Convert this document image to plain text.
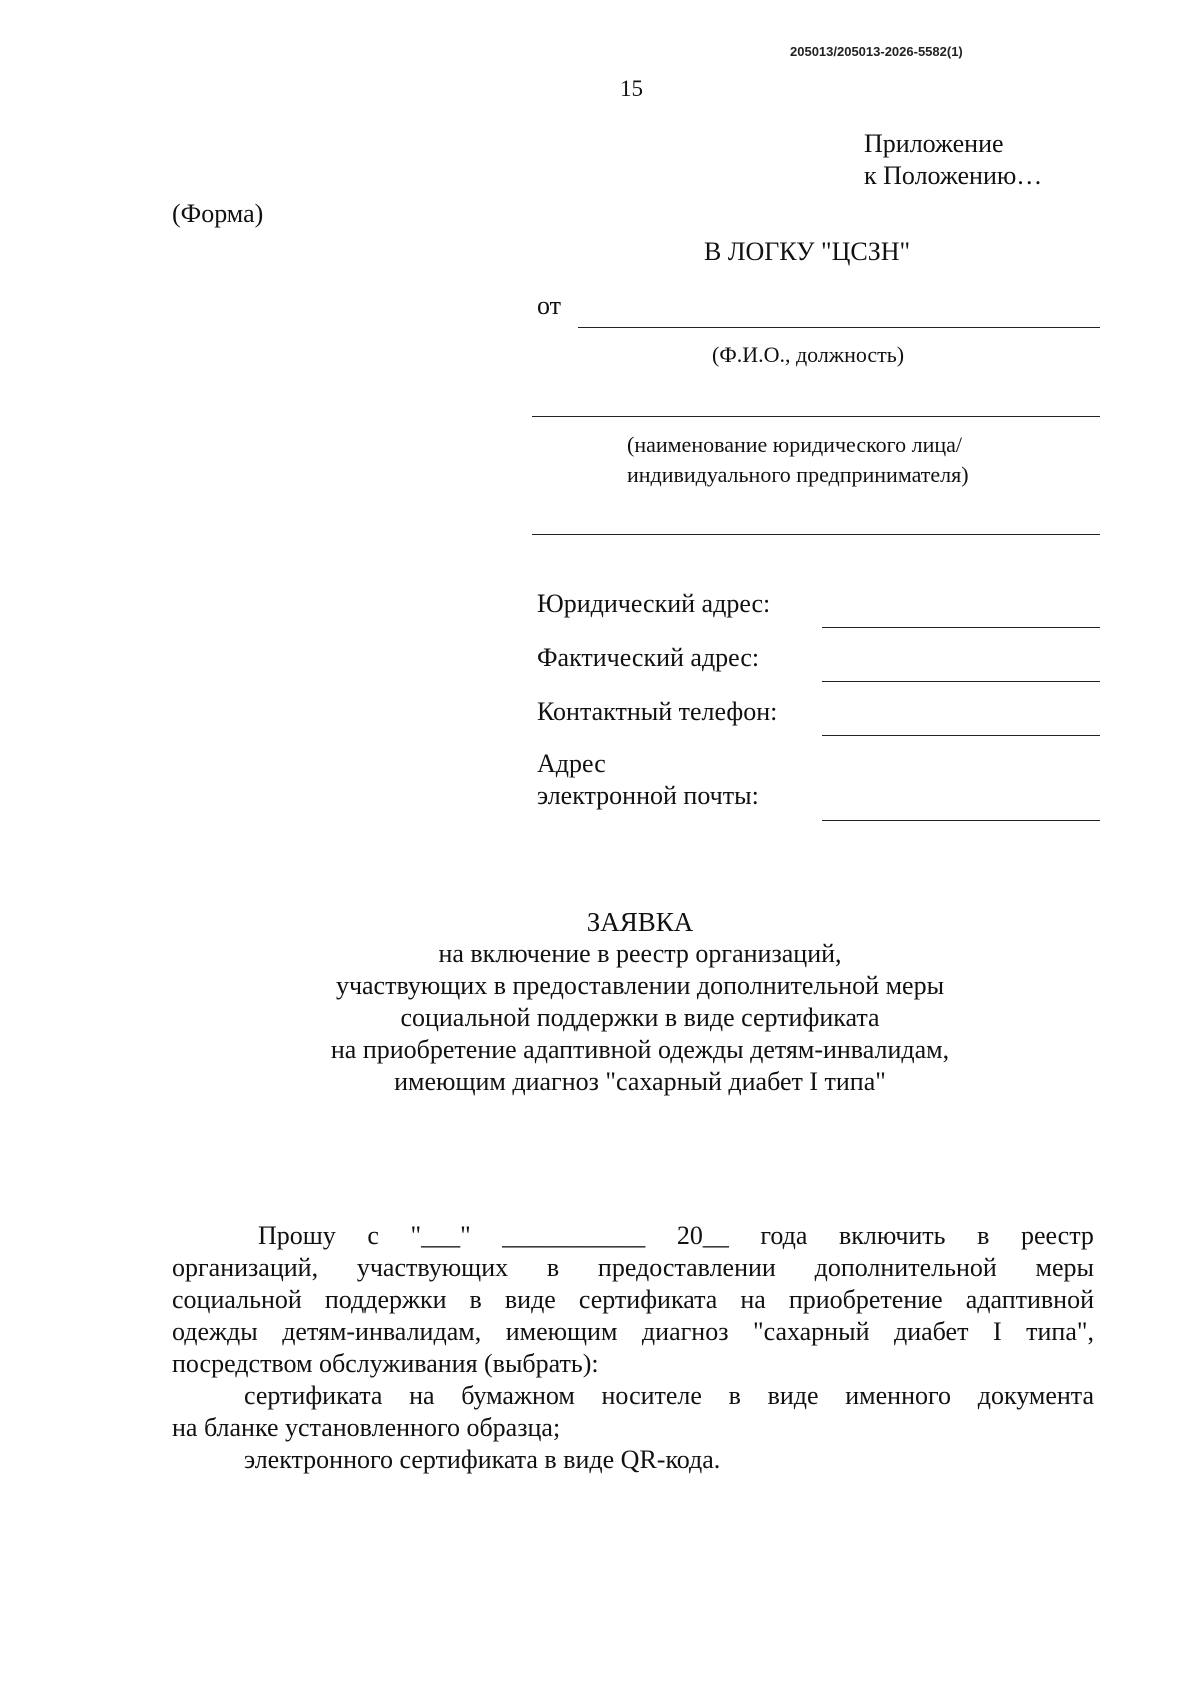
205013/205013-2026-5582(1)
15
Приложение
к Положению…
(Форма)
В ЛОГКУ "ЦСЗН"
от
(Ф.И.О., должность)
(наименование юридического лица/
индивидуального предпринимателя)
Юридический адрес:
Фактический адрес:
Контактный телефон:
Адрес
электронной почты:
ЗАЯВКА
на включение в реестр организаций,
участвующих в предоставлении дополнительной меры
социальной поддержки в виде сертификата
на приобретение адаптивной одежды детям-инвалидам,
имеющим диагноз "сахарный диабет I типа"
Прошу с "___" ___________ 20__ года включить в реестр
организаций, участвующих в предоставлении дополнительной меры
социальной поддержки в виде сертификата на приобретение адаптивной
одежды детям-инвалидам, имеющим диагноз "сахарный диабет I типа",
посредством обслуживания (выбрать):
сертификата на бумажном носителе в виде именного документа
на бланке установленного образца;
электронного сертификата в виде QR-кода.
